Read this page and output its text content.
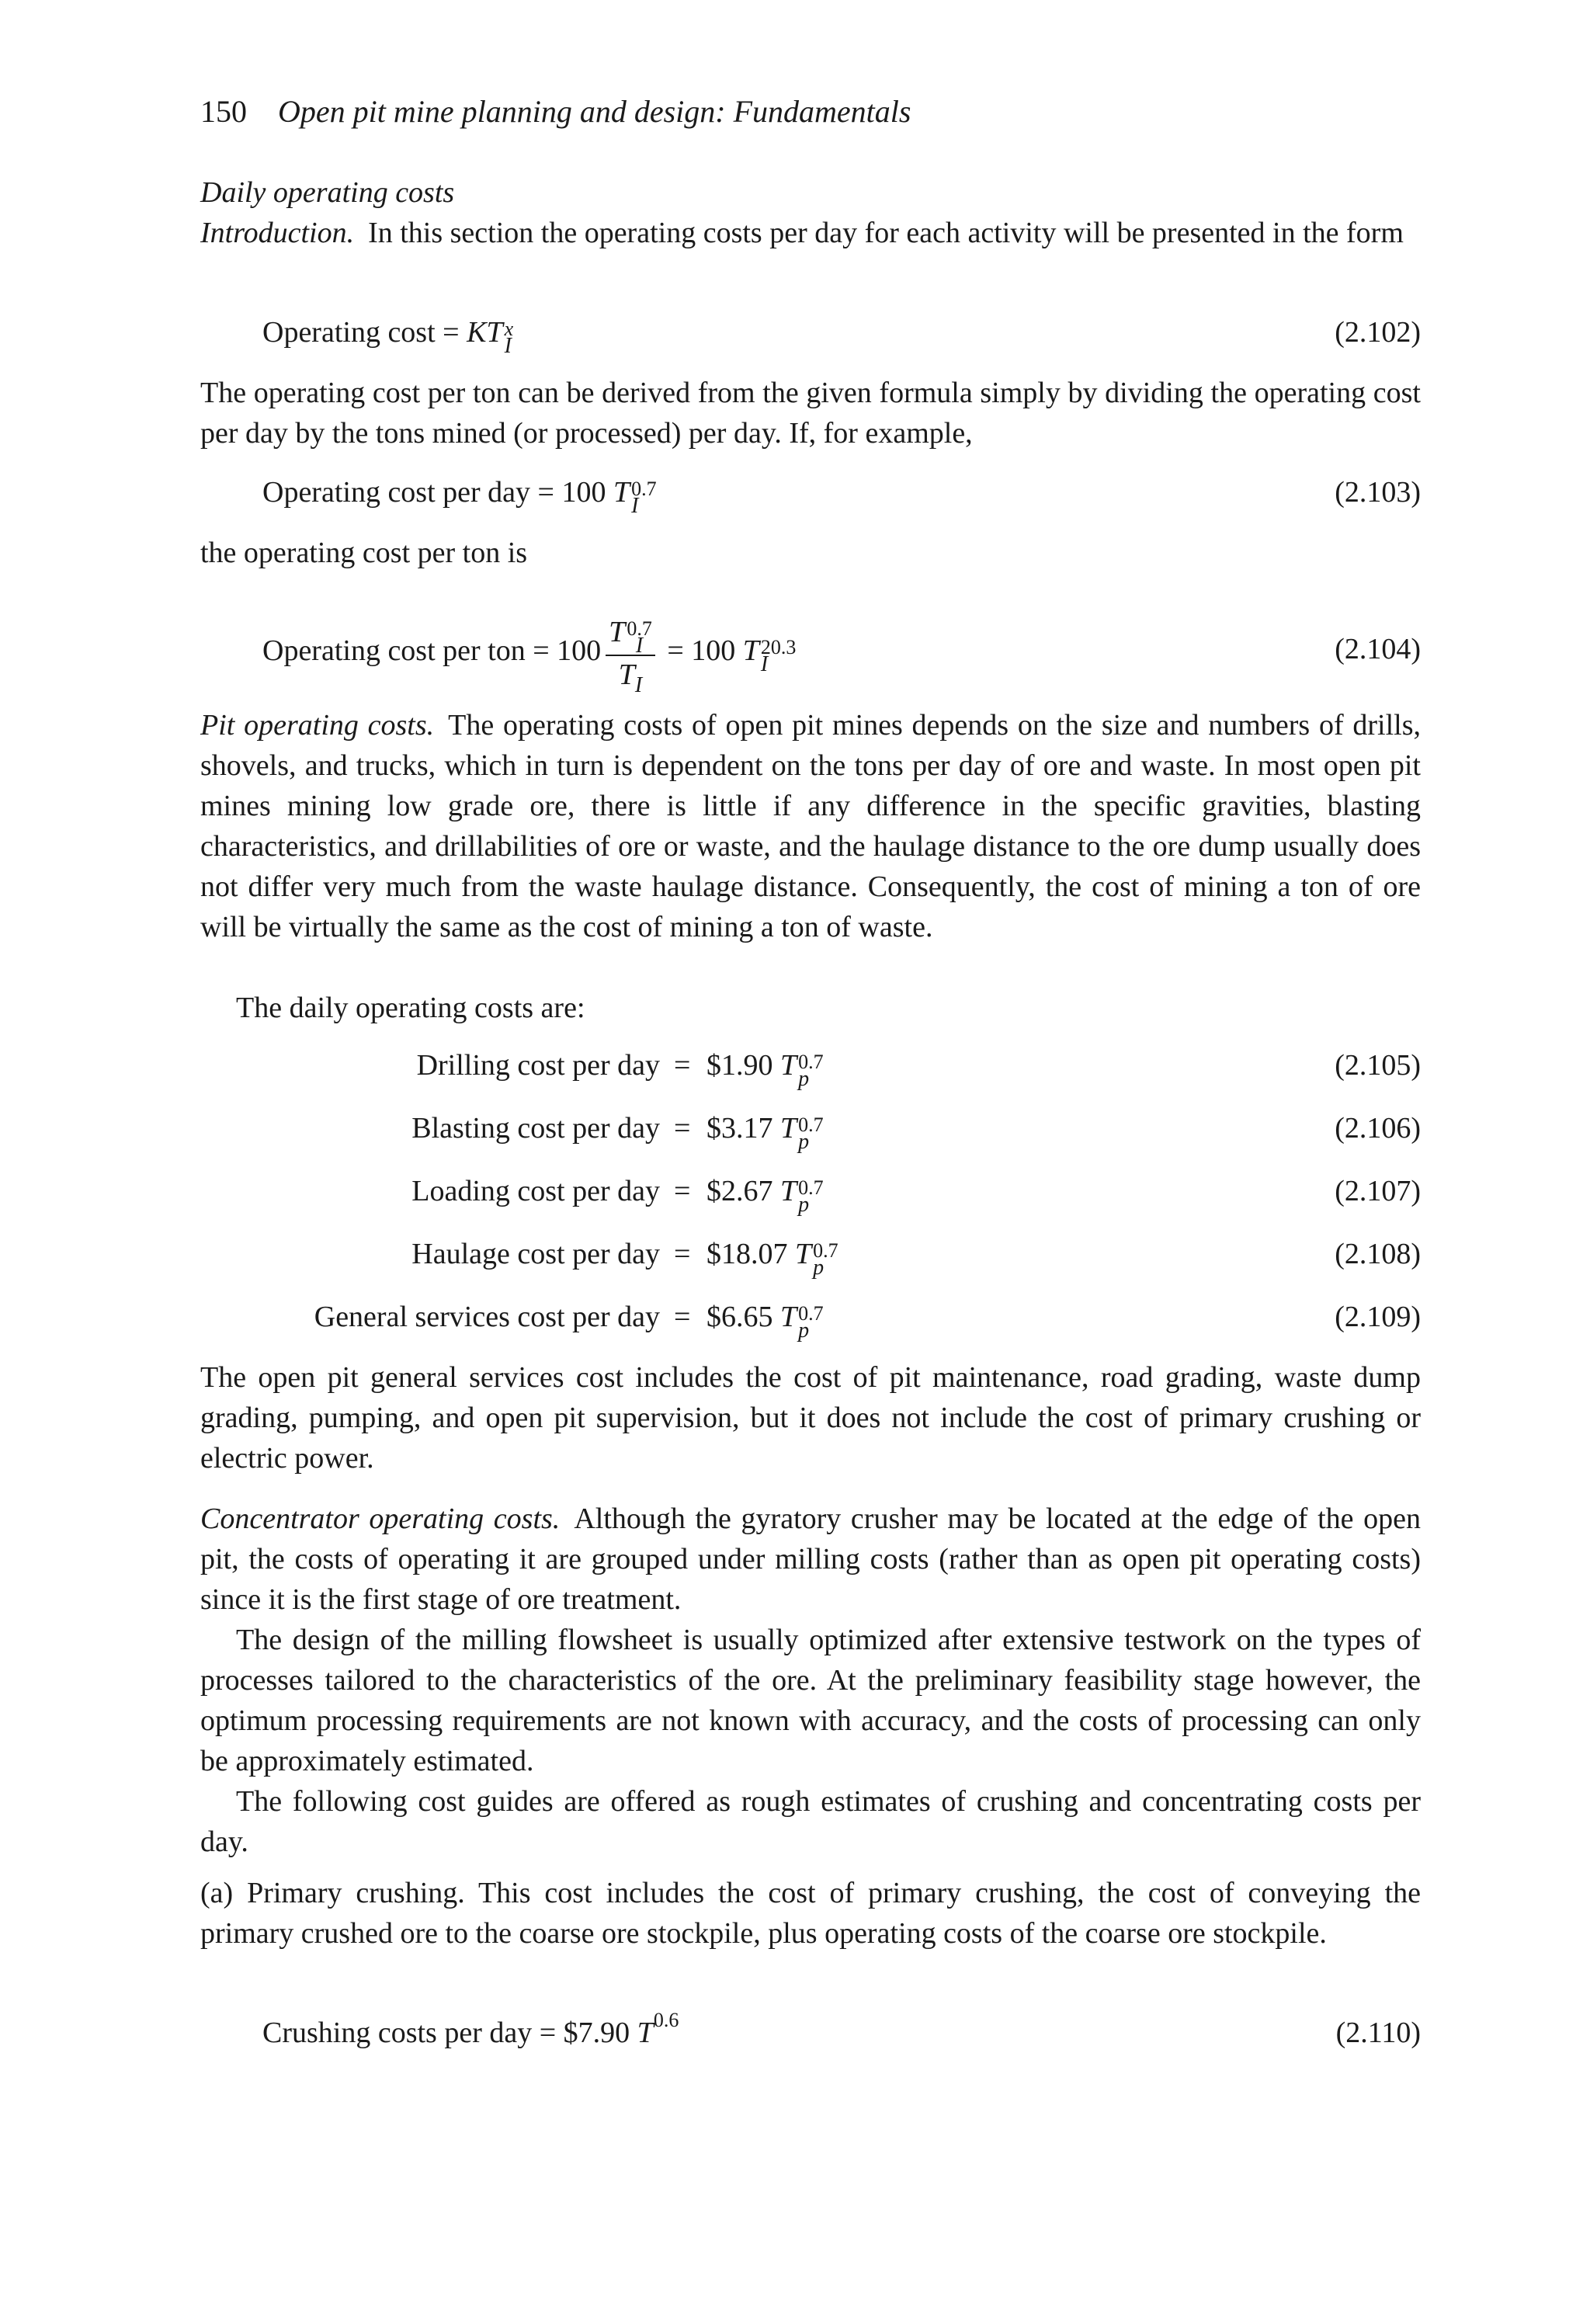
150 Open pit mine planning and design: Fundamentals

Daily operating costs

Introduction. In this section the operating costs per day for each activity will be presented in the form

Operating cost = KT x
I	(2.102)

The operating cost per ton can be derived from the given formula simply by dividing the operating cost per day by the tons mined (or processed) per day. If, for example,

Operating cost per day = 100 T 0.7
I	(2.103)

the operating cost per ton is

Operating cost per ton = 100 T 0.7
I
$T_I = 100$ T 20.3
I	(2.104)

Pit operating costs. The operating costs of open pit mines depends on the size and numbers of drills, shovels, and trucks, which in turn is dependent on the tons per day of ore and waste. In most open pit mines mining low grade ore, there is little if any difference in the specific gravities, blasting characteristics, and drillabilities of ore or waste, and the haulage distance to the ore dump usually does not differ very much from the waste haulage distance. Consequently, the cost of mining a ton of ore will be virtually the same as the cost of mining a ton of waste.

The daily operating costs are:

Drilling cost per day = $1.90 T 0.7
p	(2.105)
Blasting cost per day = $3.17 T 0.7
p	(2.106)
Loading cost per day = $2.67 T 0.7
p	(2.107)
Haulage cost per day = $18.07 T 0.7
p	(2.108)
General services cost per day = $6.65 T 0.7
p	(2.109)

The open pit general services cost includes the cost of pit maintenance, road grading, waste dump grading, pumping, and open pit supervision, but it does not include the cost of primary crushing or electric power.

Concentrator operating costs. Although the gyratory crusher may be located at the edge of the open pit, the costs of operating it are grouped under milling costs (rather than as open pit operating costs) since it is the first stage of ore treatment.

The design of the milling flowsheet is usually optimized after extensive testwork on the types of processes tailored to the characteristics of the ore. At the preliminary feasibility stage however, the optimum processing requirements are not known with accuracy, and the costs of processing can only be approximately estimated.

The following cost guides are offered as rough estimates of crushing and concentrating costs per day.

(a) Primary crushing. This cost includes the cost of primary crushing, the cost of conveying the primary crushed ore to the coarse ore stockpile, plus operating costs of the coarse ore stockpile.

Crushing costs per day = $7.90 $T^{0.6}$	(2.110)
